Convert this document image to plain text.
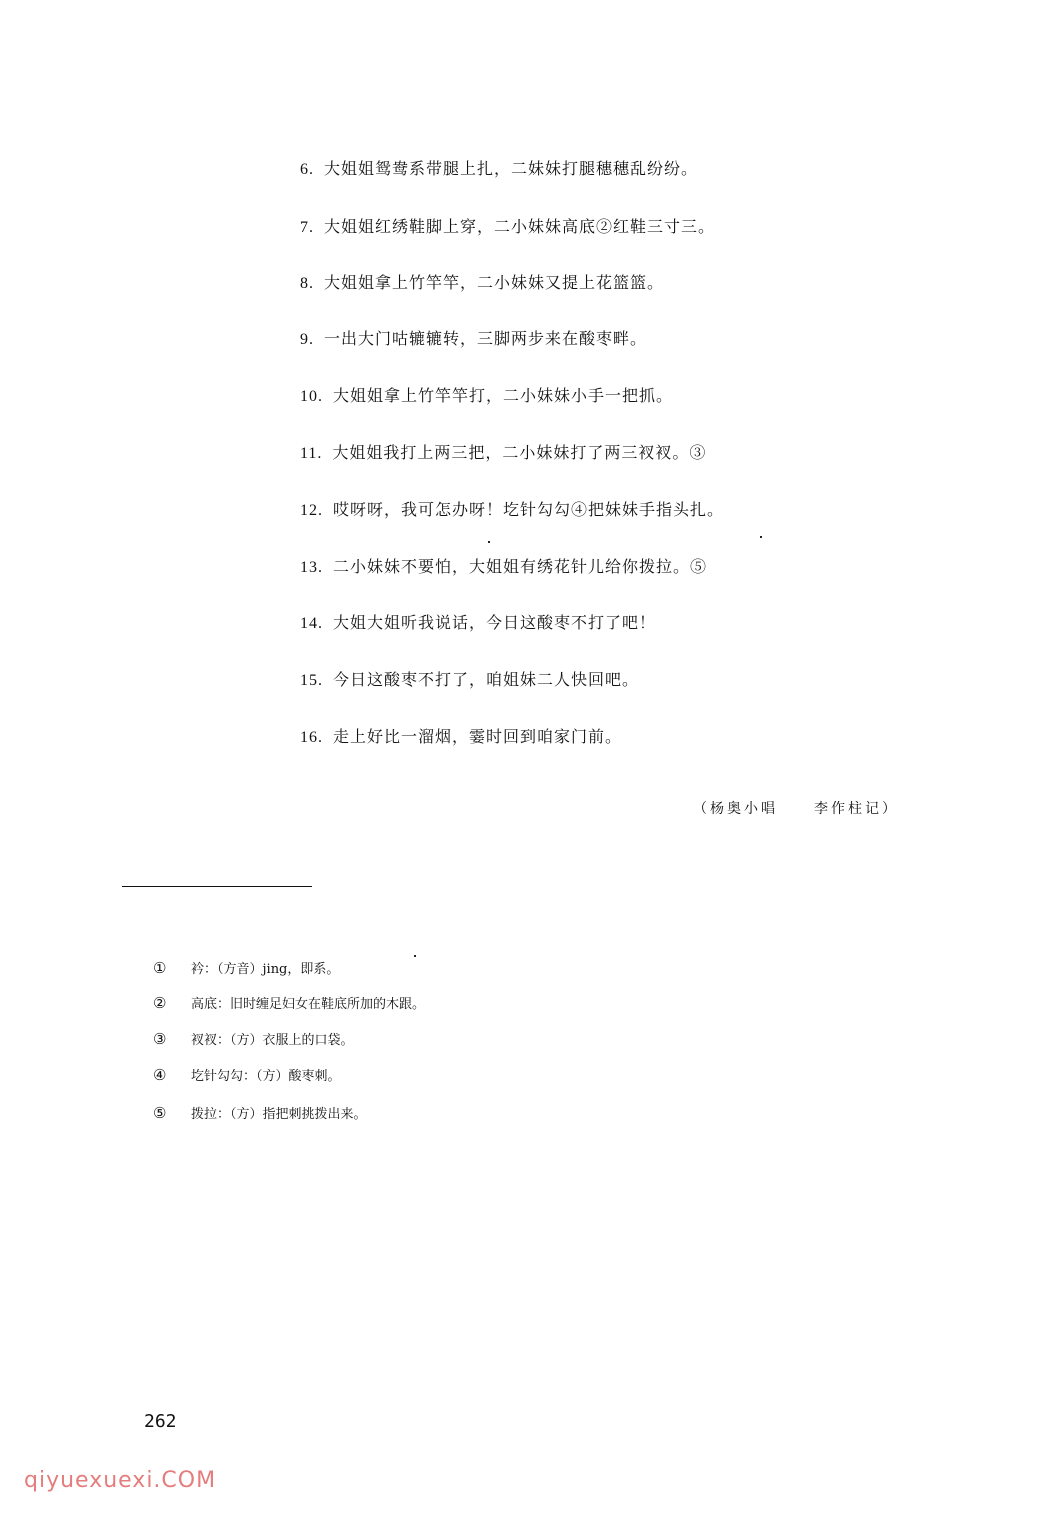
6. 大姐姐鸳鸯系带腿上扎，二妹妹打腿穗穗乱纷纷。
7. 大姐姐红绣鞋脚上穿，二小妹妹高底②红鞋三寸三。
8. 大姐姐拿上竹竿竿，二小妹妹又提上花篮篮。
9. 一出大门咕辘辘转，三脚两步来在酸枣畔。
10. 大姐姐拿上竹竿竿打，二小妹妹小手一把抓。
11. 大姐姐我打上两三把，二小妹妹打了两三衩衩。③
12. 哎呀呀，我可怎办呀！圪针勾勾④把妹妹手指头扎。
13. 二小妹妹不要怕，大姐姐有绣花针儿给你拨拉。⑤
14. 大姐大姐听我说话，今日这酸枣不打了吧！
15. 今日这酸枣不打了，咱姐妹二人快回吧。
16. 走上好比一溜烟，霎时回到咱家门前。
（杨奥小唱	李作柱记）
① 衿：（方音）jing，即系。
② 高底：旧时缠足妇女在鞋底所加的木跟。
③ 衩衩：（方）衣服上的口袋。
④ 圪针勾勾：（方）酸枣刺。
⑤ 拨拉：（方）指把刺挑拨出来。
262
qiyuexuexi.COM
